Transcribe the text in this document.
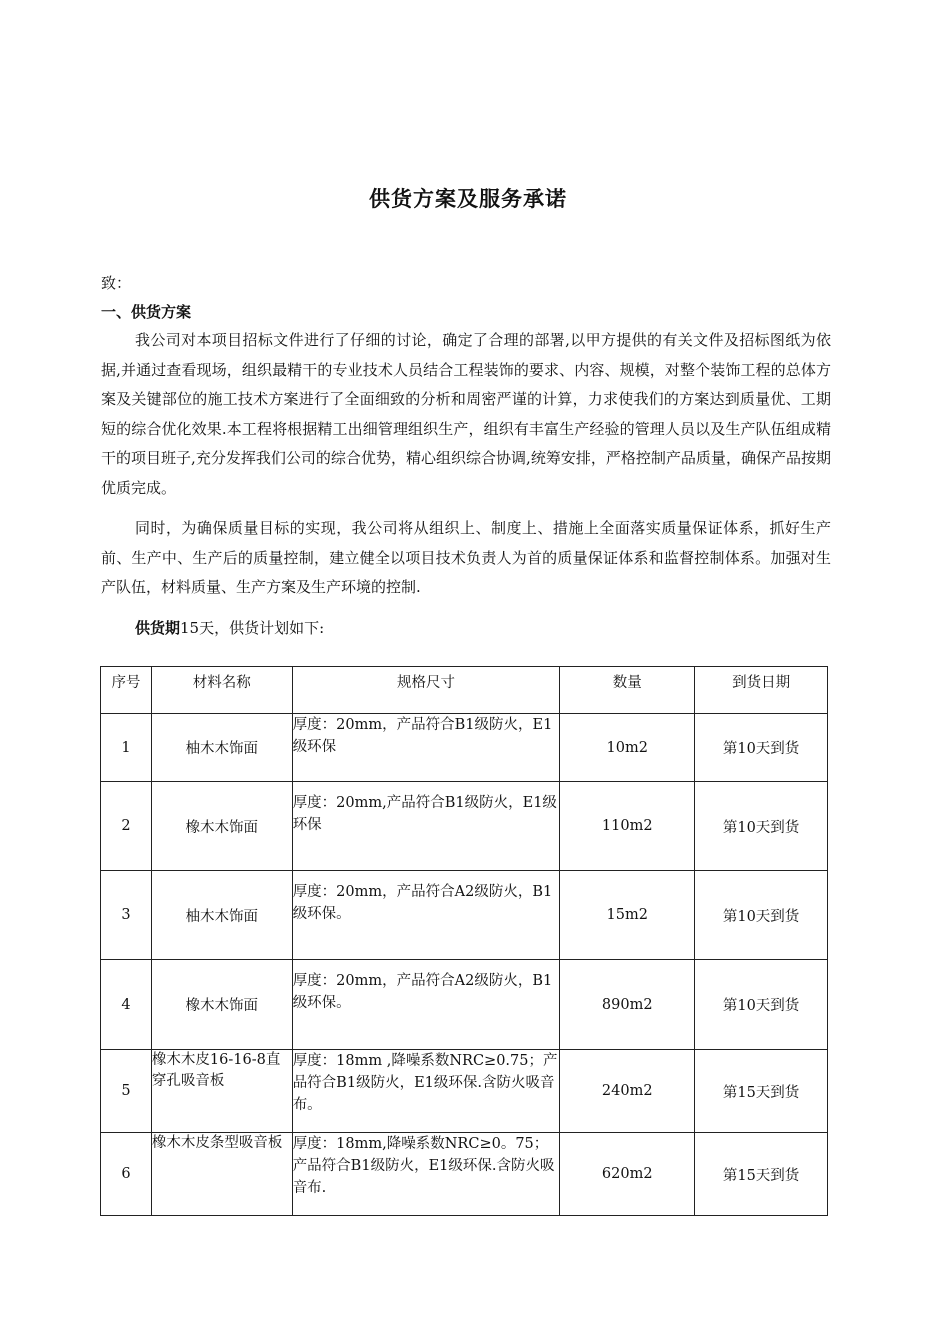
供货方案及服务承诺
致：
一、供货方案

我公司对本项目招标文件进行了仔细的讨论，确定了合理的部署,以甲方提供的有关文件及招标图纸为依据,并通过查看现场，组织最精干的专业技术人员结合工程装饰的要求、内容、规模，对整个装饰工程的总体方案及关键部位的施工技术方案进行了全面细致的分析和周密严谨的计算，力求使我们的方案达到质量优、工期短的综合优化效果.本工程将根据精工出细管理组织生产，组织有丰富生产经验的管理人员以及生产队伍组成精干的项目班子,充分发挥我们公司的综合优势，精心组织综合协调,统筹安排，严格控制产品质量，确保产品按期优质完成。

同时，为确保质量目标的实现，我公司将从组织上、制度上、措施上全面落实质量保证体系，抓好生产前、生产中、生产后的质量控制，建立健全以项目技术负责人为首的质量保证体系和监督控制体系。加强对生产队伍，材料质量、生产方案及生产环境的控制.

供货期15天，供货计划如下:
序号	材料名称	规格尺寸	数量	到货日期
1	柚木木饰面	厚度：20mm，产品符合B1级防火，E1级环保	10m2	第10天到货
2	橡木木饰面	厚度：20mm,产品符合B1级防火，E1级环保	110m2	第10天到货
3	柚木木饰面	厚度：20mm，产品符合A2级防火，B1级环保。	15m2	第10天到货
4	橡木木饰面	厚度：20mm，产品符合A2级防火，B1级环保。	890m2	第10天到货
5	橡木木皮16-16-8直穿孔吸音板	厚度：18mm ,降噪系数NRC≥0.75；产品符合B1级防火，E1级环保.含防火吸音布。	240m2	第15天到货
6	橡木木皮条型吸音板	厚度：18mm,降噪系数NRC≥0。75；产品符合B1级防火，E1级环保.含防火吸音布.	620m2	第15天到货
